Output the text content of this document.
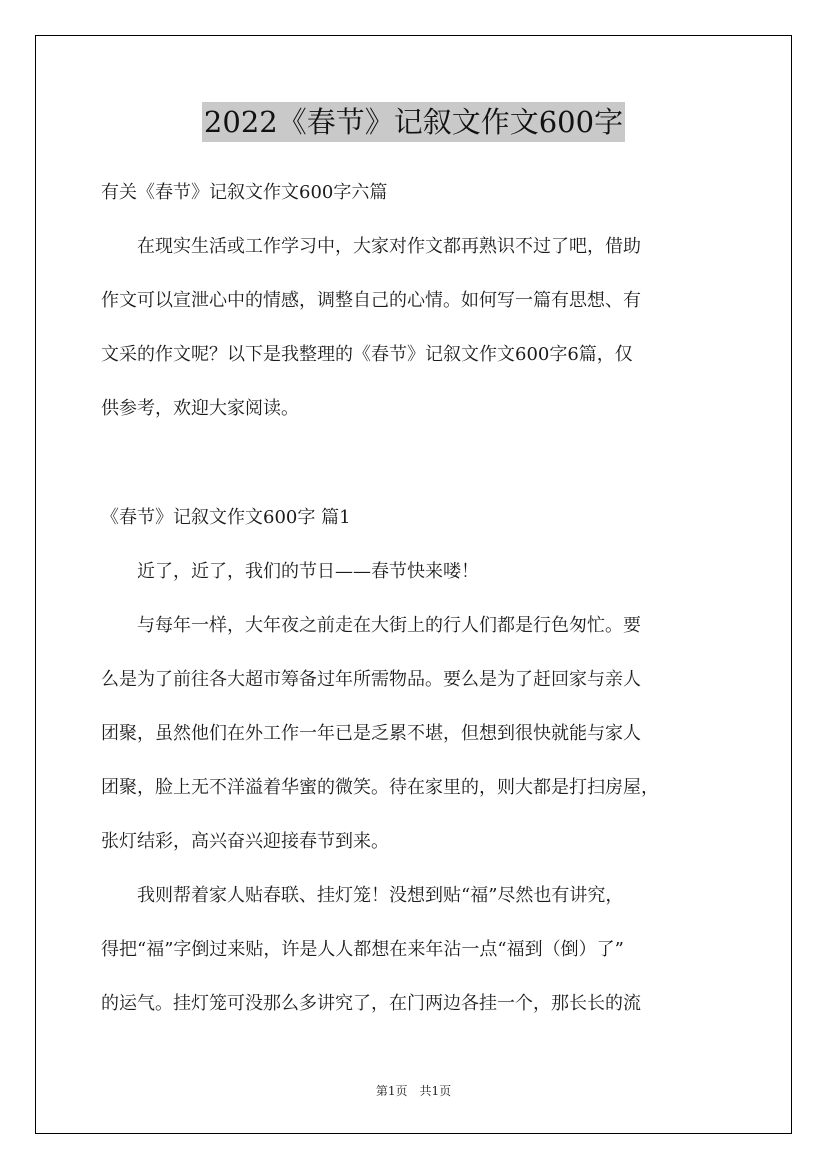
2022《春节》记叙文作文600字
有关《春节》记叙文作文600字六篇
　　在现实生活或工作学习中，大家对作文都再熟识不过了吧，借助
作文可以宣泄心中的情感，调整自己的心情。如何写一篇有思想、有
文采的作文呢？以下是我整理的《春节》记叙文作文600字6篇，仅
供参考，欢迎大家阅读。
《春节》记叙文作文600字 篇1
　　近了，近了，我们的节日——春节快来喽！
　　与每年一样，大年夜之前走在大街上的行人们都是行色匆忙。要
么是为了前往各大超市筹备过年所需物品。要么是为了赶回家与亲人
团聚，虽然他们在外工作一年已是乏累不堪，但想到很快就能与家人
团聚，脸上无不洋溢着华蜜的微笑。待在家里的，则大都是打扫房屋，
张灯结彩，高兴奋兴迎接春节到来。
　　我则帮着家人贴春联、挂灯笼！没想到贴“福”尽然也有讲究，
得把“福”字倒过来贴，许是人人都想在来年沾一点“福到（倒）了”
的运气。挂灯笼可没那么多讲究了，在门两边各挂一个，那长长的流
第1页　共1页
